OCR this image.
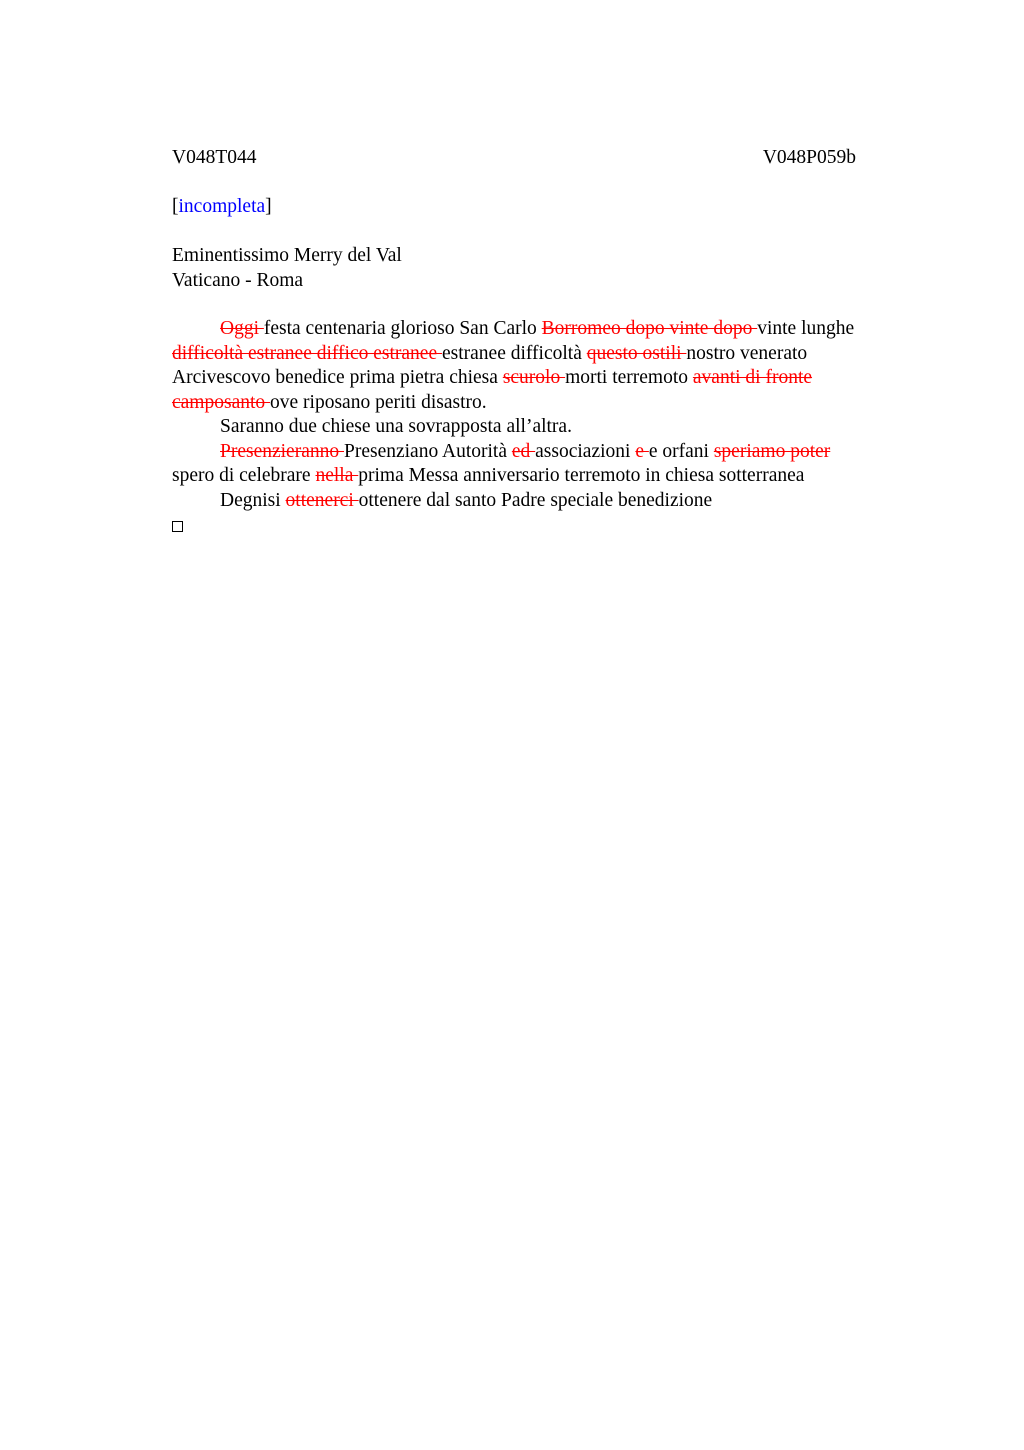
V048T044	V048P059b
[incompleta]
Eminentissimo Merry del Val
Vaticano - Roma

Oggi festa centenaria glorioso San Carlo Borromeo dopo vinte dopo vinte lunghe difficoltà estranee diffico estranee estranee difficoltà questo ostili nostro venerato Arcivescovo benedice prima pietra chiesa scurolo morti terremoto avanti di fronte camposanto ove riposano periti disastro.

Saranno due chiese una sovrapposta all’altra.

Presenzieranno Presenziano Autorità ed associazioni e e orfani speriamo poter spero di celebrare nella prima Messa anniversario terremoto in chiesa sotterranea

Degnisi ottenerci ottenere dal santo Padre speciale benedizione
